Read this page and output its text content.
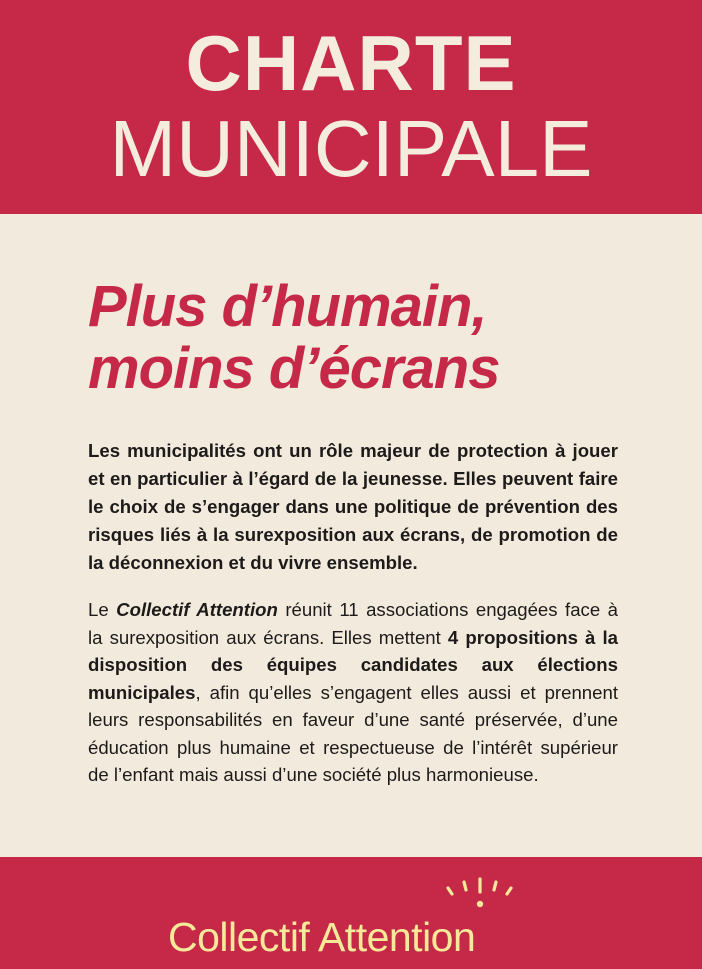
CHARTE
MUNICIPALE
Plus d’humain,
moins d’écrans

Les municipalités ont un rôle majeur de protection à jouer et en particulier à l’égard de la jeunesse. Elles peuvent faire le choix de s’engager dans une politique de prévention des risques liés à la surexposition aux écrans, de promotion de la déconnexion et du vivre ensemble.

Le Collectif Attention réunit 11 associations engagées face à la surexposition aux écrans. Elles mettent 4 propositions à la disposition des équipes candidates aux élections municipales, afin qu’elles s’engagent elles aussi et prennent leurs responsabilités en faveur d’une santé préservée, d’une éducation plus humaine et respectueuse de l’intérêt supérieur de l’enfant mais aussi d’une société plus harmonieuse.

Collectif Attention
